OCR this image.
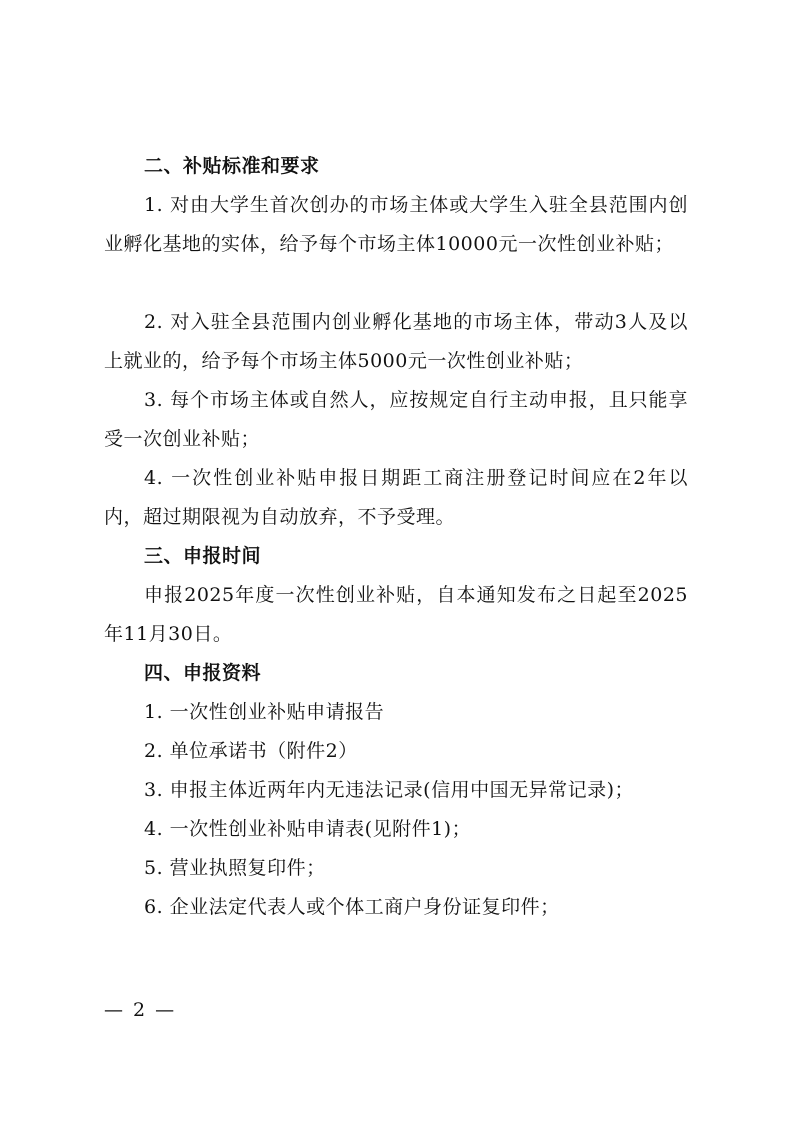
二、补贴标准和要求

1. 对由大学生首次创办的市场主体或大学生入驻全县范围内创业孵化基地的实体，给予每个市场主体10000元一次性创业补贴；

2. 对入驻全县范围内创业孵化基地的市场主体，带动3人及以上就业的，给予每个市场主体5000元一次性创业补贴；

3. 每个市场主体或自然人，应按规定自行主动申报，且只能享受一次创业补贴；

4. 一次性创业补贴申报日期距工商注册登记时间应在2年以内，超过期限视为自动放弃，不予受理。

三、申报时间

申报2025年度一次性创业补贴，自本通知发布之日起至2025年11月30日。

四、申报资料

1. 一次性创业补贴申请报告

2. 单位承诺书（附件2）

3. 申报主体近两年内无违法记录(信用中国无异常记录)；

4. 一次性创业补贴申请表(见附件1)；

5. 营业执照复印件；

6. 企业法定代表人或个体工商户身份证复印件；

— 2 —
